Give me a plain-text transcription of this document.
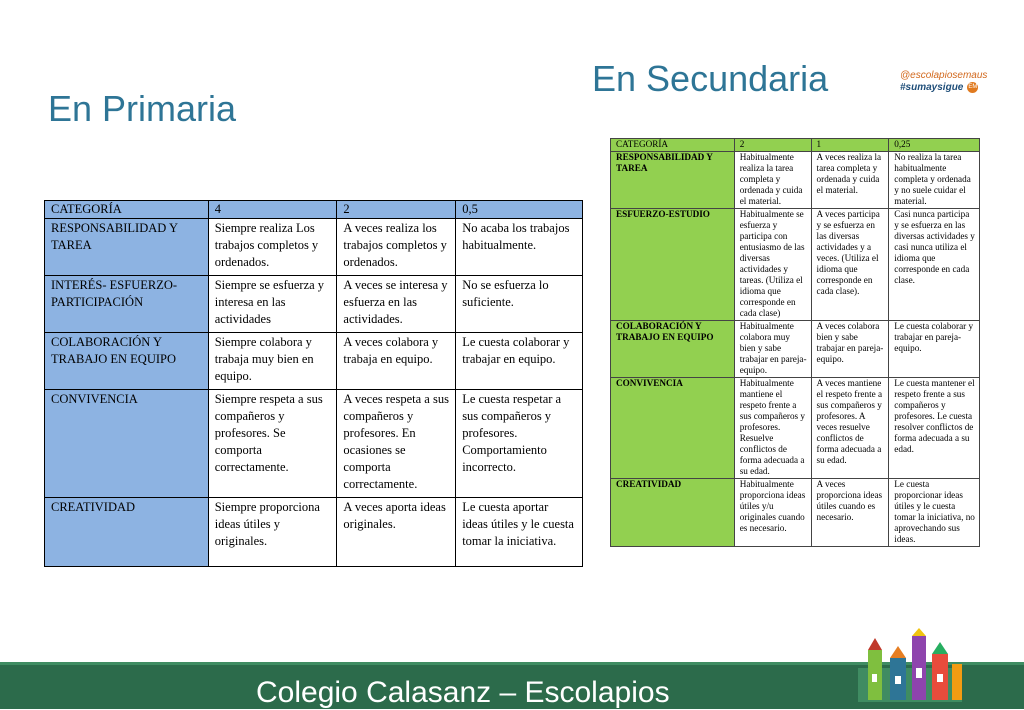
En Primaria
En Secundaria	@escolapiosemaus
#sumaysigue EM
CATEGORÍA	4	2	0,5
RESPONSABILIDAD Y TAREA	Siempre realiza Los trabajos completos y ordenados.	A veces realiza los trabajos completos y ordenados.	No acaba los trabajos habitualmente.
INTERÉS- ESFUERZO- PARTICIPACIÓN	Siempre se esfuerza y interesa en las actividades	A veces se interesa y esfuerza en las actividades.	No se esfuerza lo suficiente.
COLABORACIÓN Y TRABAJO EN EQUIPO	Siempre colabora y trabaja muy bien en equipo.	A veces colabora y trabaja en equipo.	Le cuesta colaborar y trabajar en equipo.
CONVIVENCIA	Siempre respeta a sus compañeros y profesores. Se comporta correctamente.	A veces respeta a sus compañeros y profesores. En ocasiones se comporta correctamente.	Le cuesta respetar a sus compañeros y profesores. Comportamiento incorrecto.
CREATIVIDAD	Siempre proporciona ideas útiles y originales.	A veces aporta ideas originales.	Le cuesta aportar ideas útiles y le cuesta tomar la iniciativa.
CATEGORÍA	2	1	0,25
RESPONSABILIDAD Y TAREA	Habitualmente realiza la tarea completa y ordenada y cuida el material.	A veces realiza la tarea completa y ordenada y cuida el material.	No realiza la tarea habitualmente completa y ordenada y no suele cuidar el material.
ESFUERZO-ESTUDIO	Habitualmente se esfuerza y participa con entusiasmo de las diversas actividades y tareas. (Utiliza el idioma que corresponde en cada clase)	A veces participa y se esfuerza en las diversas actividades y a veces. (Utiliza el idioma que corresponde en cada clase).	Casi nunca participa y se esfuerza en las diversas actividades y casi nunca utiliza el idioma que corresponde en cada clase.
COLABORACIÓN Y TRABAJO EN EQUIPO	Habitualmente colabora muy bien y sabe trabajar en pareja-equipo.	A veces colabora bien y sabe trabajar en pareja-equipo.	Le cuesta colaborar y trabajar en pareja-equipo.
CONVIVENCIA	Habitualmente mantiene el respeto frente a sus compañeros y profesores. Resuelve conflictos de forma adecuada a su edad.	A veces mantiene el respeto frente a sus compañeros y profesores. A veces resuelve conflictos de forma adecuada a su edad.	Le cuesta mantener el respeto frente a sus compañeros y profesores. Le cuesta resolver conflictos de forma adecuada a su edad.
CREATIVIDAD	Habitualmente proporciona ideas útiles y/u originales cuando es necesario.	A veces proporciona ideas útiles cuando es necesario.	Le cuesta proporcionar ideas útiles y le cuesta tomar la iniciativa, no aprovechando sus ideas.
Colegio Calasanz – Escolapios
